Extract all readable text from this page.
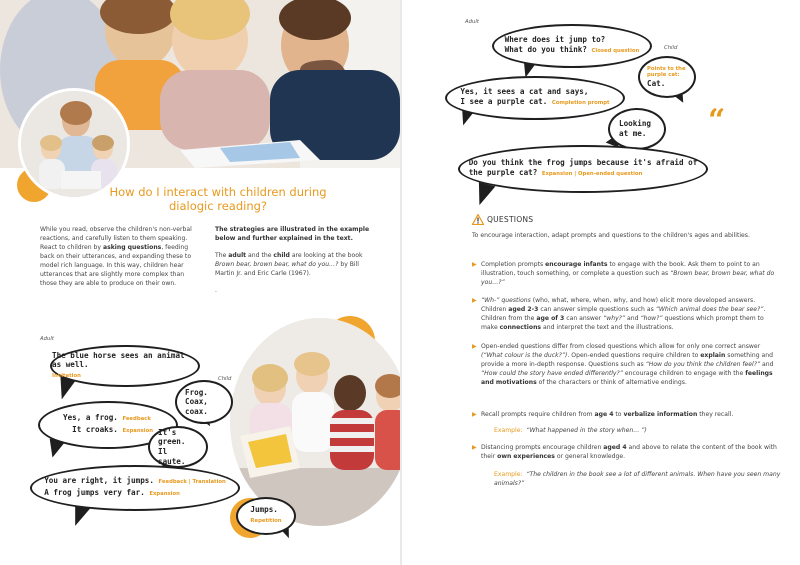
How do I interact with children during dialogic reading?

While you read, observe the children's non-verbal reactions, and carefully listen to them speaking. React to children by asking questions, feeding back on their utterances, and expanding these to model rich language. In this way, children hear utterances that are slightly more complex than those they are able to produce on their own.

The strategies are illustrated in the example below and further explained in the text.

The adult and the child are looking at the book Brown bear, brown bear, what do you…? by Bill Martin Jr. and Eric Carle (1967).

.
Adult
Child
The blue horse sees an animal as well.
Invitation
Frog. Coax, coax.
Yes, a frog. Feedback
It croaks. Expansion It's green. Il saute.
You are right, it jumps. Feedback | Translation
A frog jumps very far. Expansion
Jumps.
Repetition
Adult
Child
Where does it jump to?
What do you think? Closed question
Points to the purple cat:
Cat.
Yes, it sees a cat and says,
I see a purple cat. Completion prompt
Looking at me.
Do you think the frog jumps because it's afraid of
the purple cat? Expansion | Open-ended question
“
QUESTIONS
To encourage interaction, adapt prompts and questions to the children's ages and abilities.
▶ Completion prompts encourage infants to engage with the book. Ask them to point to an illustration, touch something, or complete a question such as “Brown bear, brown bear, what do you…?”
▶ “Wh-” questions (who, what, where, when, why, and how) elicit more developed answers. Children aged 2-3 can answer simple questions such as “Which animal does the bear see?”. Children from the age of 3 can answer “why?” and “how?” questions which prompt them to make connections and interpret the text and the illustrations.
▶ Open-ended questions differ from closed questions which allow for only one correct answer (“What colour is the duck?”). Open-ended questions require children to explain something and provide a more in-depth response. Questions such as “How do you think the children feel?” and “How could the story have ended differently?” encourage children to engage with the feelings and motivations of the characters or think of alternative endings.
▶ Recall prompts require children from age 4 to verbalize information they recall.
Example: “What happened in the story when… ”)
▶ Distancing prompts encourage children aged 4 and above to relate the content of the book with their own experiences or general knowledge.
Example: “The children in the book see a lot of different animals. When have you seen many animals?”
